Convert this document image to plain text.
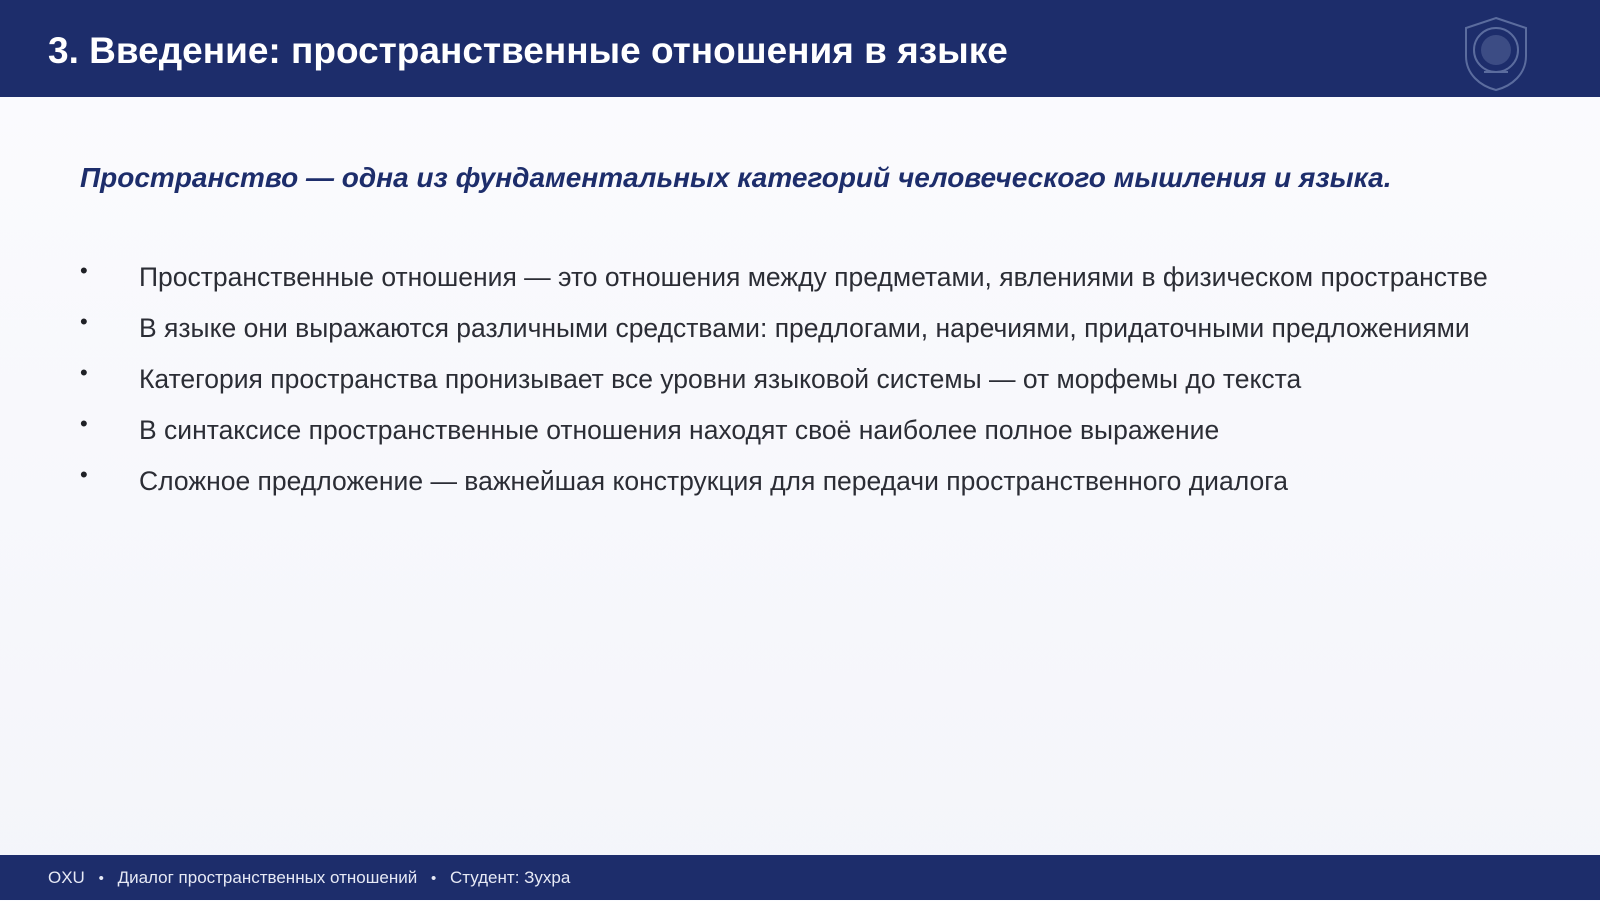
3. Введение: пространственные отношения в языке

Пространство — одна из фундаментальных категорий человеческого мышления и языка.

• Пространственные отношения — это отношения между предметами, явлениями в физическом пространстве
• В языке они выражаются различными средствами: предлогами, наречиями, придаточными предложениями
• Категория пространства пронизывает все уровни языковой системы — от морфемы до текста
• В синтаксисе пространственные отношения находят своё наиболее полное выражение
• Сложное предложение — важнейшая конструкция для передачи пространственного диалога
OXU • Диалог пространственных отношений • Студент: Зухра
